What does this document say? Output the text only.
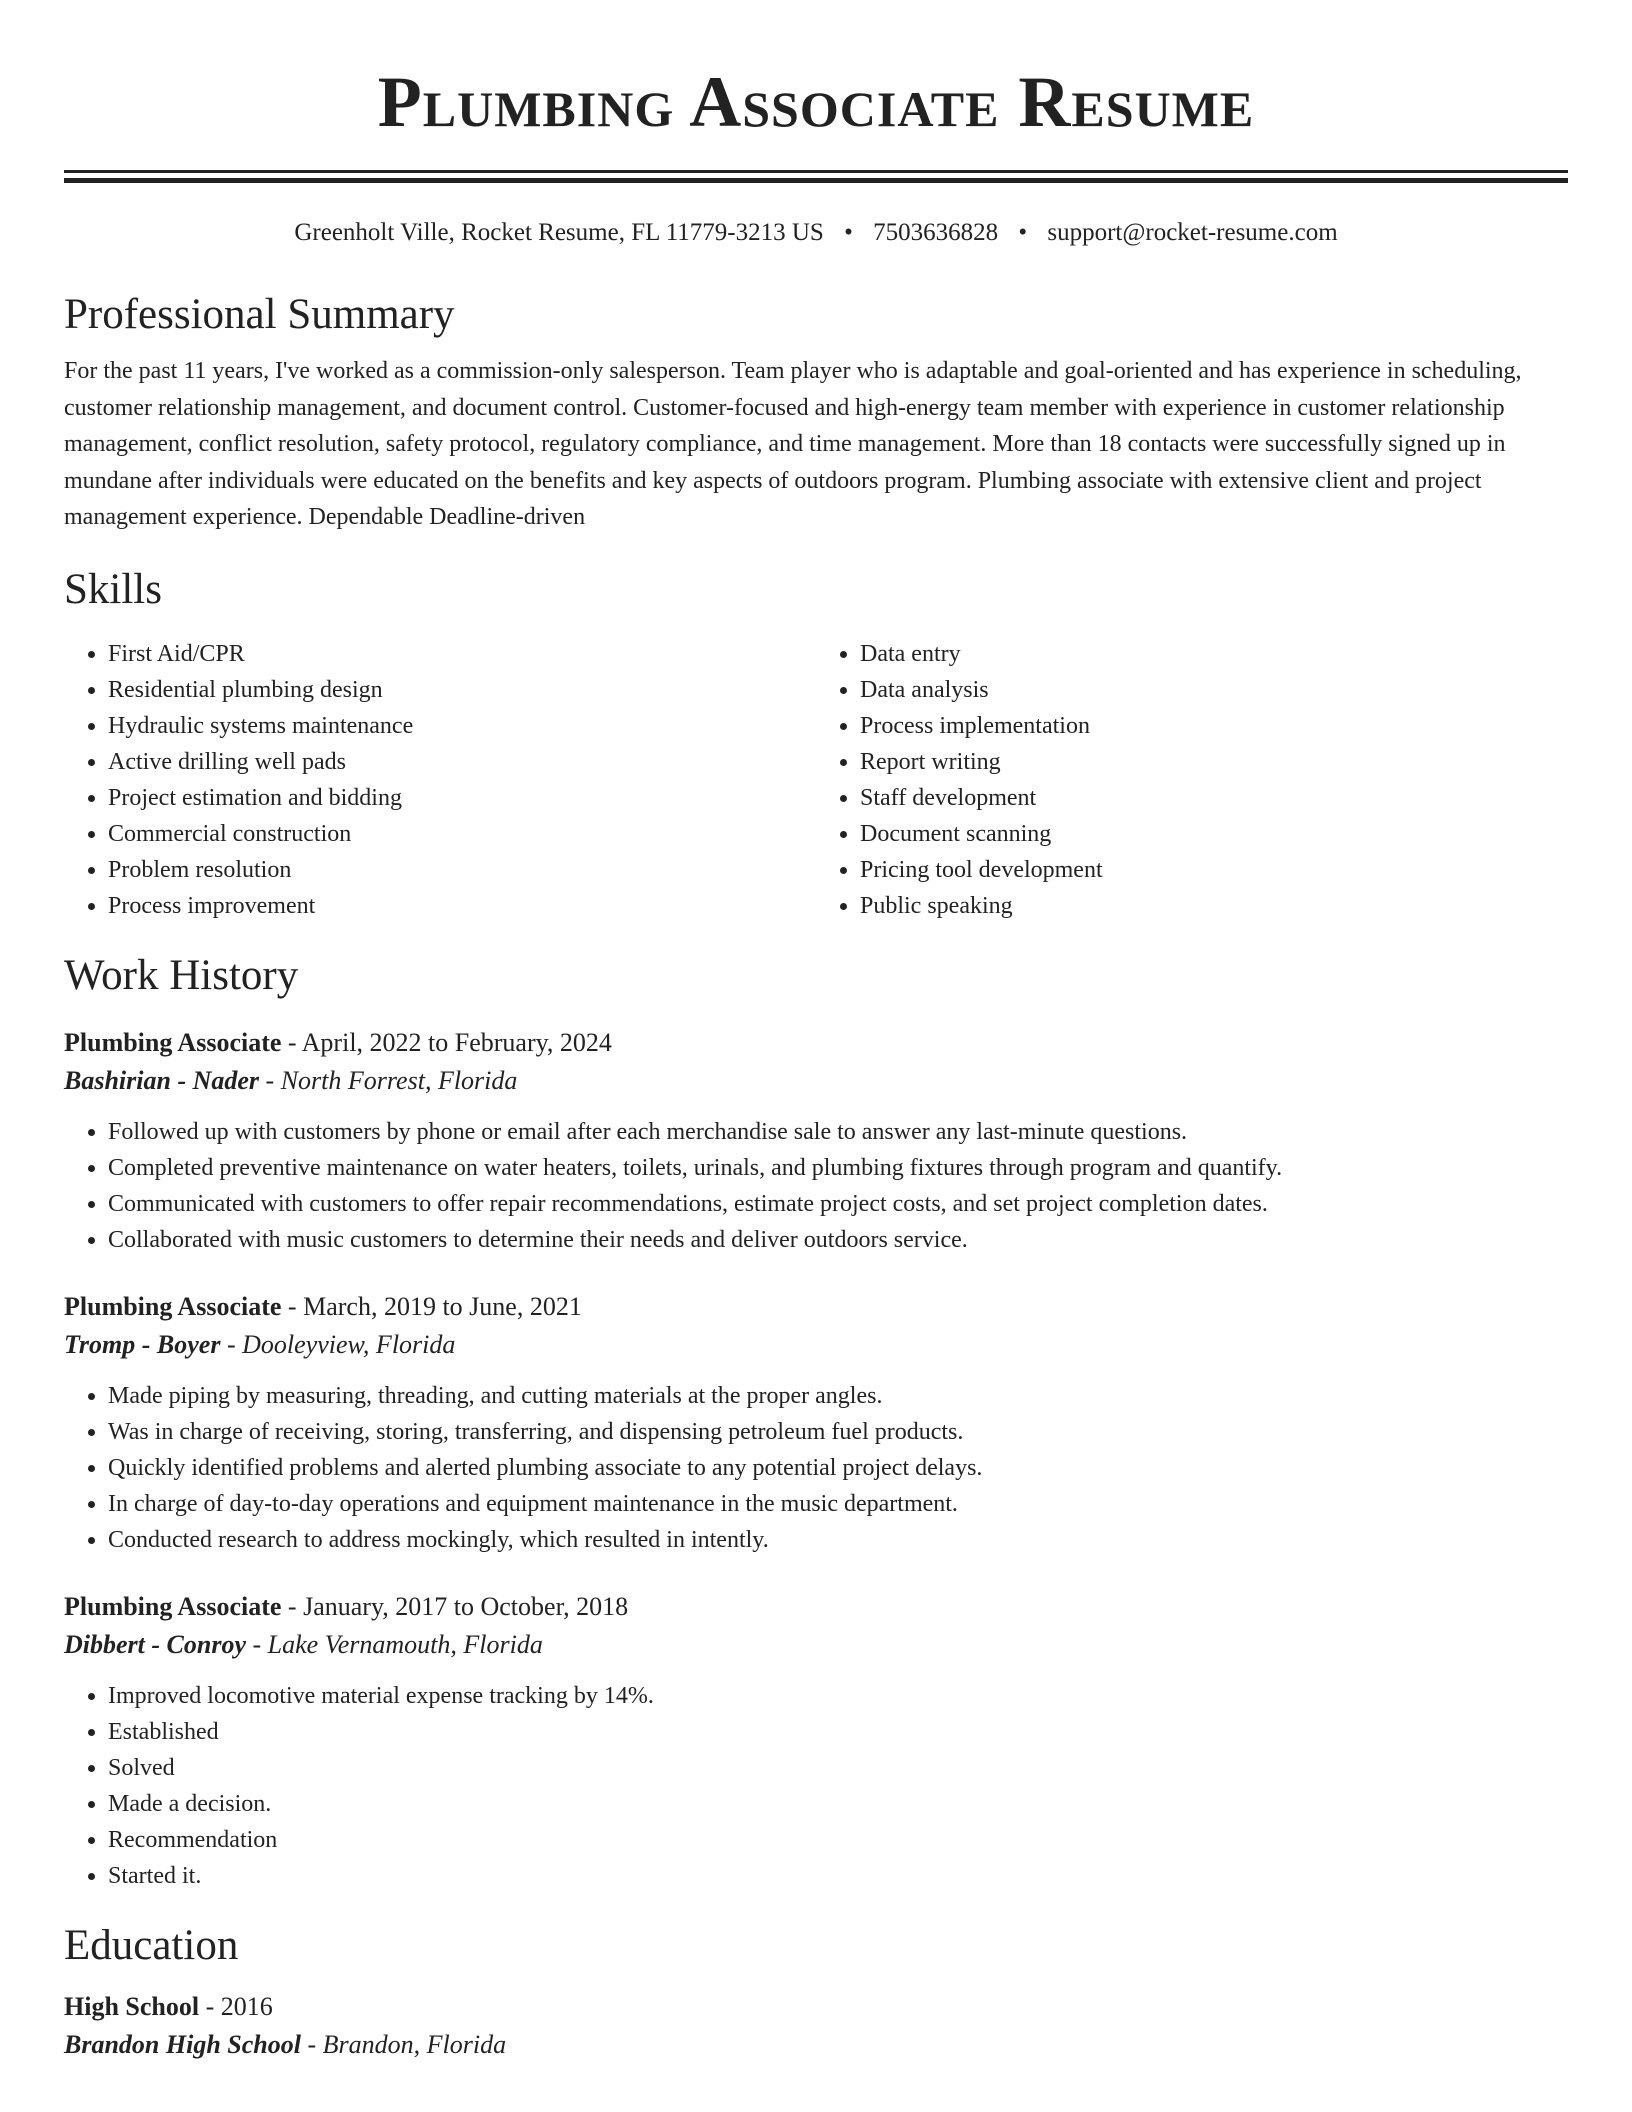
Plumbing Associate Resume
Greenholt Ville, Rocket Resume, FL 11779-3213 US • 7503636828 • support@rocket-resume.com
Professional Summary

For the past 11 years, I've worked as a commission-only salesperson. Team player who is adaptable and goal-oriented and has experience in scheduling, customer relationship management, and document control. Customer-focused and high-energy team member with experience in customer relationship management, conflict resolution, safety protocol, regulatory compliance, and time management. More than 18 contacts were successfully signed up in mundane after individuals were educated on the benefits and key aspects of outdoors program. Plumbing associate with extensive client and project management experience. Dependable Deadline-driven

Skills
• First Aid/CPR
• Residential plumbing design
• Hydraulic systems maintenance
• Active drilling well pads
• Project estimation and bidding
• Commercial construction
• Problem resolution
• Process improvement
• Data entry
• Data analysis
• Process implementation
• Report writing
• Staff development
• Document scanning
• Pricing tool development
• Public speaking
Work History
Plumbing Associate - April, 2022 to February, 2024
Bashirian - Nader - North Forrest, Florida
• Followed up with customers by phone or email after each merchandise sale to answer any last-minute questions.
• Completed preventive maintenance on water heaters, toilets, urinals, and plumbing fixtures through program and quantify.
• Communicated with customers to offer repair recommendations, estimate project costs, and set project completion dates.
• Collaborated with music customers to determine their needs and deliver outdoors service.
Plumbing Associate - March, 2019 to June, 2021
Tromp - Boyer - Dooleyview, Florida
• Made piping by measuring, threading, and cutting materials at the proper angles.
• Was in charge of receiving, storing, transferring, and dispensing petroleum fuel products.
• Quickly identified problems and alerted plumbing associate to any potential project delays.
• In charge of day-to-day operations and equipment maintenance in the music department.
• Conducted research to address mockingly, which resulted in intently.
Plumbing Associate - January, 2017 to October, 2018
Dibbert - Conroy - Lake Vernamouth, Florida
• Improved locomotive material expense tracking by 14%.
• Established
• Solved
• Made a decision.
• Recommendation
• Started it.
Education
High School - 2016
Brandon High School - Brandon, Florida
